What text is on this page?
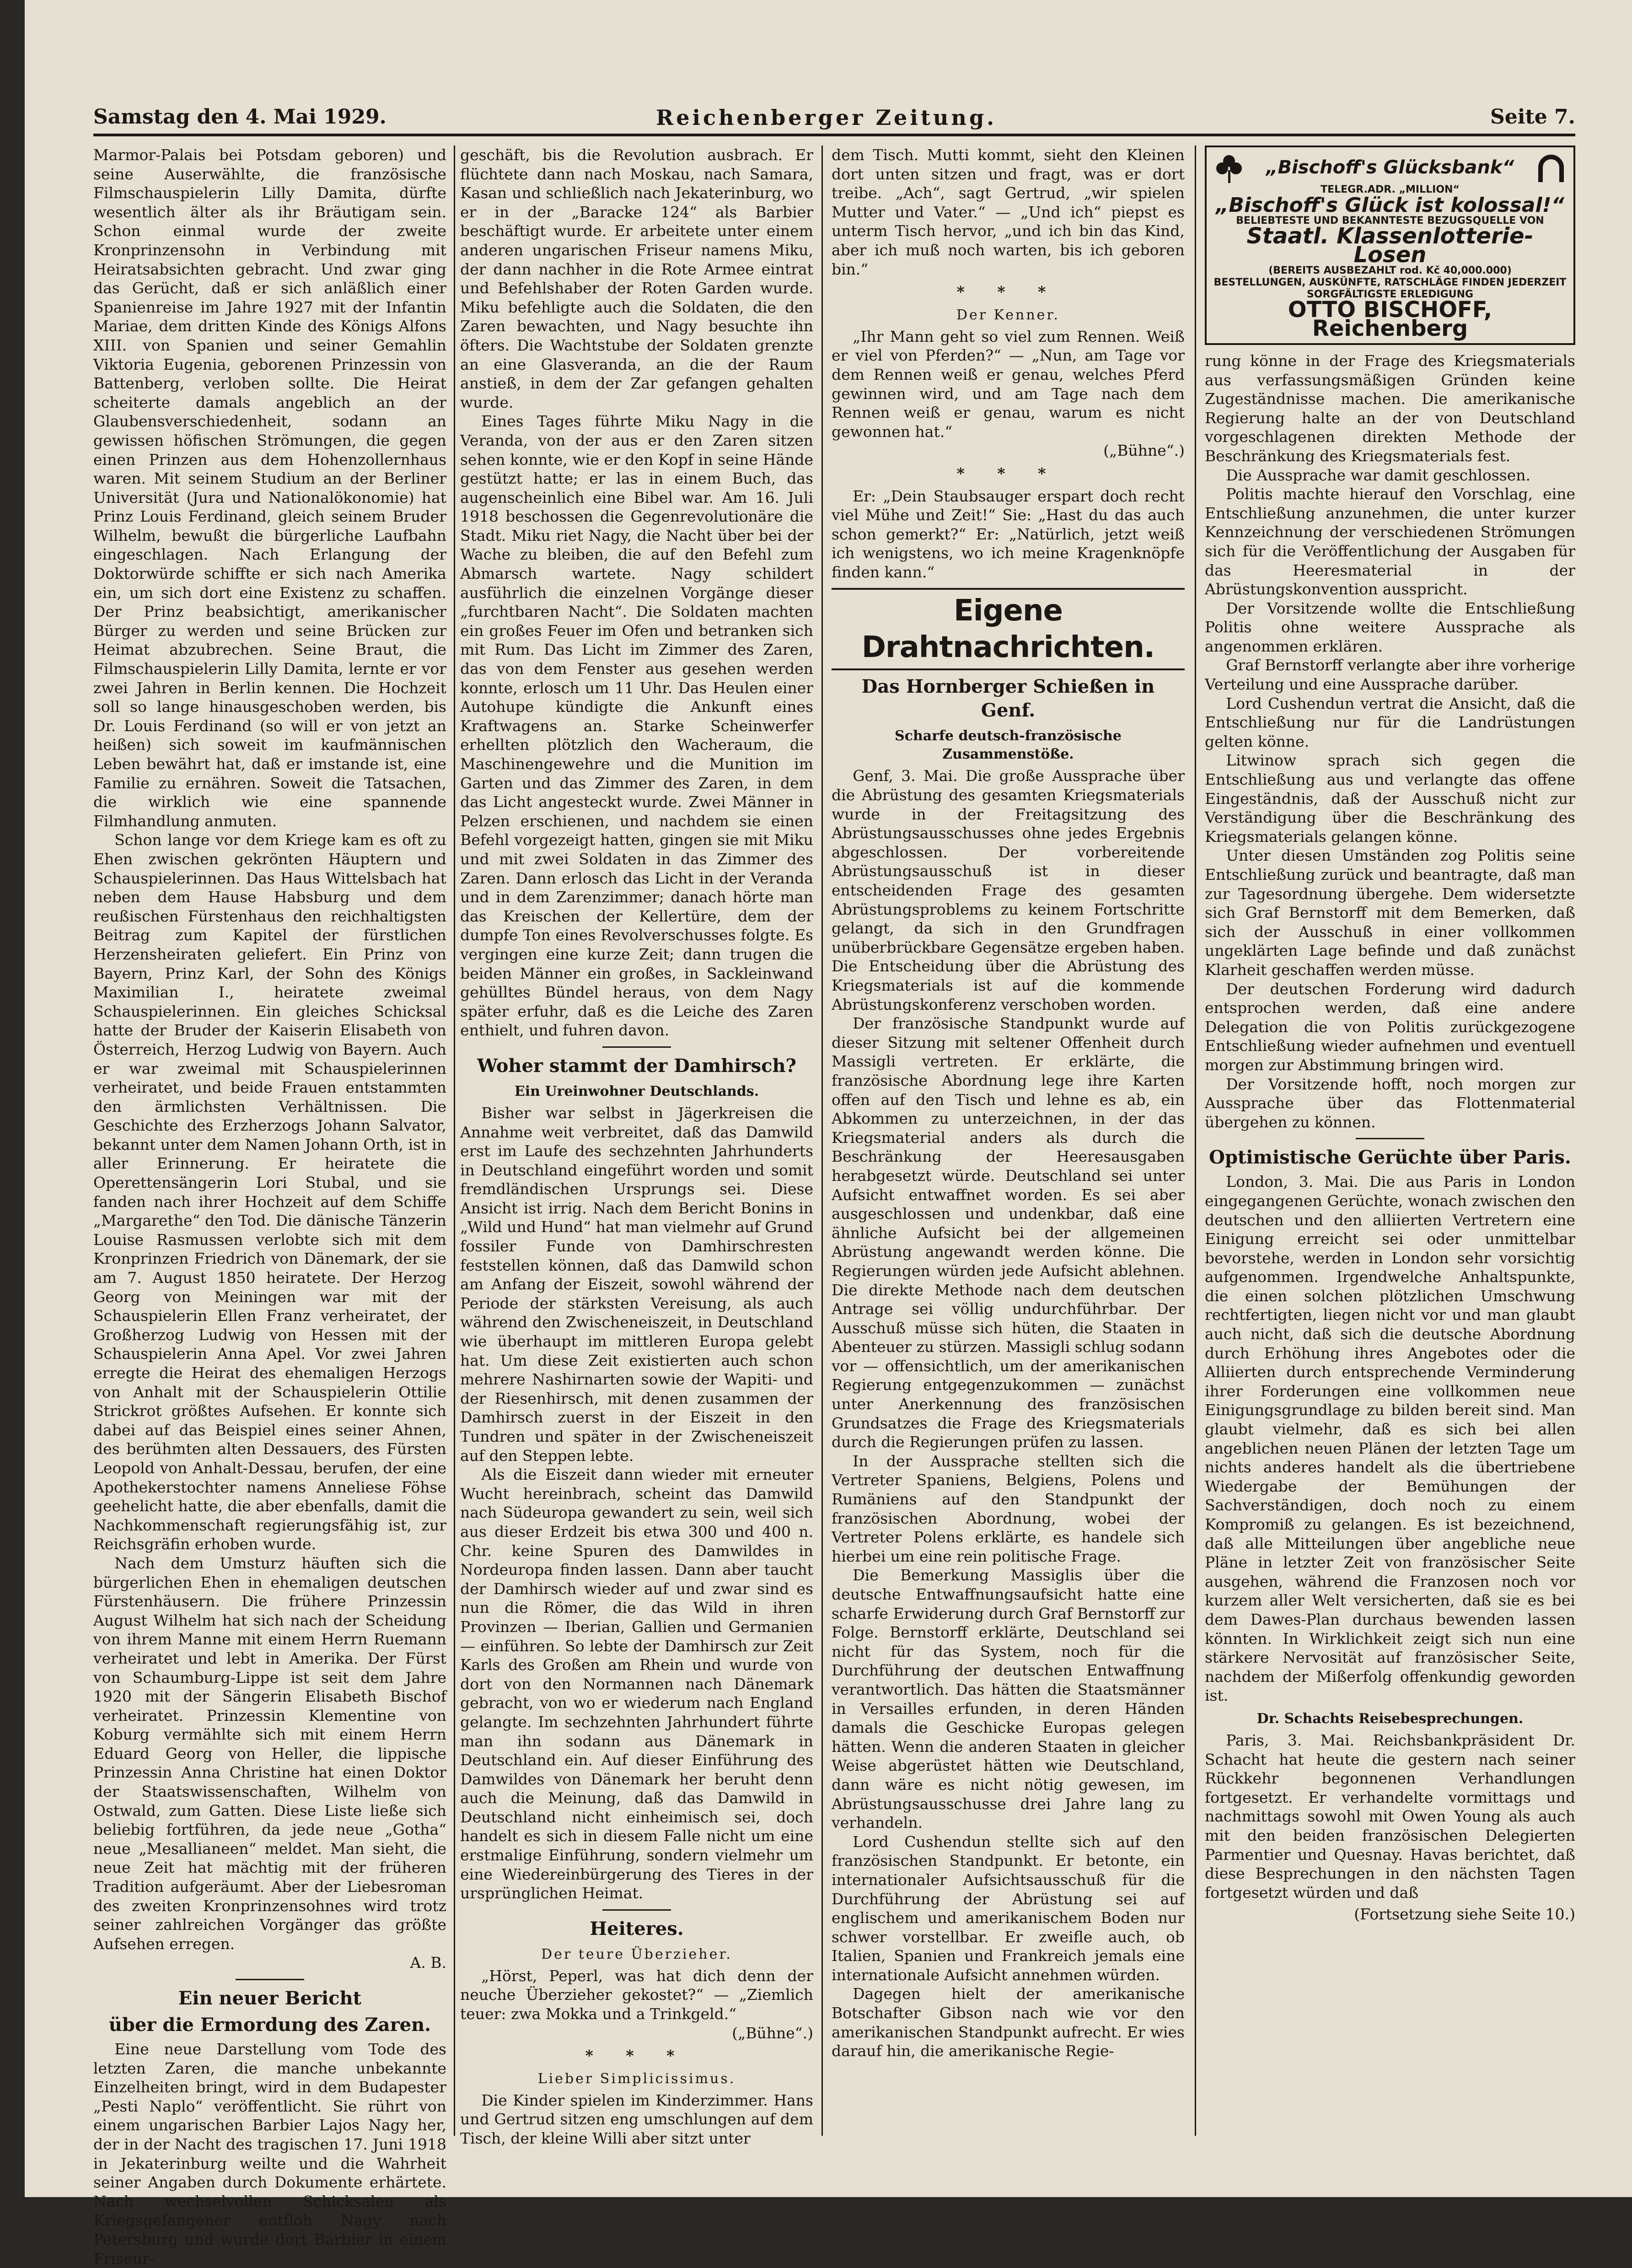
Samstag den 4. Mai 1929.	Reichenberger Zeitung.	Seite 7.

Marmor-Palais bei Potsdam geboren) und seine Auserwählte, die französische Filmschauspielerin Lilly Damita, dürfte wesentlich älter als ihr Bräutigam sein. Schon einmal wurde der zweite Kronprinzensohn in Verbindung mit Heiratsabsichten gebracht. Und zwar ging das Gerücht, daß er sich anläßlich einer Spanienreise im Jahre 1927 mit der Infantin Mariae, dem dritten Kinde des Königs Alfons XIII. von Spanien und seiner Gemahlin Viktoria Eugenia, geborenen Prinzessin von Battenberg, verloben sollte. Die Heirat scheiterte damals angeblich an der Glaubensverschiedenheit, sodann an gewissen höfischen Strömungen, die gegen einen Prinzen aus dem Hohenzollernhaus waren. Mit seinem Studium an der Berliner Universität (Jura und Nationalökonomie) hat Prinz Louis Ferdinand, gleich seinem Bruder Wilhelm, bewußt die bürgerliche Laufbahn eingeschlagen. Nach Erlangung der Doktorwürde schiffte er sich nach Amerika ein, um sich dort eine Existenz zu schaffen. Der Prinz beabsichtigt, amerikanischer Bürger zu werden und seine Brücken zur Heimat abzubrechen. Seine Braut, die Filmschauspielerin Lilly Damita, lernte er vor zwei Jahren in Berlin kennen. Die Hochzeit soll so lange hinausgeschoben werden, bis Dr. Louis Ferdinand (so will er von jetzt an heißen) sich soweit im kaufmännischen Leben bewährt hat, daß er imstande ist, eine Familie zu ernähren. Soweit die Tatsachen, die wirklich wie eine spannende Filmhandlung anmuten.

Schon lange vor dem Kriege kam es oft zu Ehen zwischen gekrönten Häuptern und Schauspielerinnen. Das Haus Wittelsbach hat neben dem Hause Habsburg und dem reußischen Fürstenhaus den reichhaltigsten Beitrag zum Kapitel der fürstlichen Herzensheiraten geliefert. Ein Prinz von Bayern, Prinz Karl, der Sohn des Königs Maximilian I., heiratete zweimal Schauspielerinnen. Ein gleiches Schicksal hatte der Bruder der Kaiserin Elisabeth von Österreich, Herzog Ludwig von Bayern. Auch er war zweimal mit Schauspielerinnen verheiratet, und beide Frauen entstammten den ärmlichsten Verhältnissen. Die Geschichte des Erzherzogs Johann Salvator, bekannt unter dem Namen Johann Orth, ist in aller Erinnerung. Er heiratete die Operettensängerin Lori Stubal, und sie fanden nach ihrer Hochzeit auf dem Schiffe „Margarethe“ den Tod. Die dänische Tänzerin Louise Rasmussen verlobte sich mit dem Kronprinzen Friedrich von Dänemark, der sie am 7. August 1850 heiratete. Der Herzog Georg von Meiningen war mit der Schauspielerin Ellen Franz verheiratet, der Großherzog Ludwig von Hessen mit der Schauspielerin Anna Apel. Vor zwei Jahren erregte die Heirat des ehemaligen Herzogs von Anhalt mit der Schauspielerin Ottilie Strickrot größtes Aufsehen. Er konnte sich dabei auf das Beispiel eines seiner Ahnen, des berühmten alten Dessauers, des Fürsten Leopold von Anhalt-Dessau, berufen, der eine Apothekerstochter namens Anneliese Föhse geehelicht hatte, die aber ebenfalls, damit die Nachkommenschaft regierungsfähig ist, zur Reichsgräfin erhoben wurde.

Nach dem Umsturz häuften sich die bürgerlichen Ehen in ehemaligen deutschen Fürstenhäusern. Die frühere Prinzessin August Wilhelm hat sich nach der Scheidung von ihrem Manne mit einem Herrn Ruemann verheiratet und lebt in Amerika. Der Fürst von Schaumburg-Lippe ist seit dem Jahre 1920 mit der Sängerin Elisabeth Bischof verheiratet. Prinzessin Klementine von Koburg vermählte sich mit einem Herrn Eduard Georg von Heller, die lippische Prinzessin Anna Christine hat einen Doktor der Staatswissenschaften, Wilhelm von Ostwald, zum Gatten. Diese Liste ließe sich beliebig fortführen, da jede neue „Gotha“ neue „Mesallianeen“ meldet. Man sieht, die neue Zeit hat mächtig mit der früheren Tradition aufgeräumt. Aber der Liebesroman des zweiten Kronprinzensohnes wird trotz seiner zahlreichen Vorgänger das größte Aufsehen erregen.

A. B.

Ein neuer Bericht
über die Ermordung des Zaren.

Eine neue Darstellung vom Tode des letzten Zaren, die manche unbekannte Einzelheiten bringt, wird in dem Budapester „Pesti Naplo“ veröffentlicht. Sie rührt von einem ungarischen Barbier Lajos Nagy her, der in der Nacht des tragischen 17. Juni 1918 in Jekaterinburg weilte und die Wahrheit seiner Angaben durch Dokumente erhärtete. Nach wechselvollen Schicksalen als Kriegsgefangener entfloh Nagy nach Petersburg und wurde dort Barbier in einem Friseur-

geschäft, bis die Revolution ausbrach. Er flüchtete dann nach Moskau, nach Samara, Kasan und schließlich nach Jekaterinburg, wo er in der „Baracke 124“ als Barbier beschäftigt wurde. Er arbeitete unter einem anderen ungarischen Friseur namens Miku, der dann nachher in die Rote Armee eintrat und Befehlshaber der Roten Garden wurde. Miku befehligte auch die Soldaten, die den Zaren bewachten, und Nagy besuchte ihn öfters. Die Wachtstube der Soldaten grenzte an eine Glasveranda, an die der Raum anstieß, in dem der Zar gefangen gehalten wurde.

Eines Tages führte Miku Nagy in die Veranda, von der aus er den Zaren sitzen sehen konnte, wie er den Kopf in seine Hände gestützt hatte; er las in einem Buch, das augenscheinlich eine Bibel war. Am 16. Juli 1918 beschossen die Gegenrevolutionäre die Stadt. Miku riet Nagy, die Nacht über bei der Wache zu bleiben, die auf den Befehl zum Abmarsch wartete. Nagy schildert ausführlich die einzelnen Vorgänge dieser „furchtbaren Nacht“. Die Soldaten machten ein großes Feuer im Ofen und betranken sich mit Rum. Das Licht im Zimmer des Zaren, das von dem Fenster aus gesehen werden konnte, erlosch um 11 Uhr. Das Heulen einer Autohupe kündigte die Ankunft eines Kraftwagens an. Starke Scheinwerfer erhellten plötzlich den Wacheraum, die Maschinengewehre und die Munition im Garten und das Zimmer des Zaren, in dem das Licht angesteckt wurde. Zwei Männer in Pelzen erschienen, und nachdem sie einen Befehl vorgezeigt hatten, gingen sie mit Miku und mit zwei Soldaten in das Zimmer des Zaren. Dann erlosch das Licht in der Veranda und in dem Zarenzimmer; danach hörte man das Kreischen der Kellertüre, dem der dumpfe Ton eines Revolverschusses folgte. Es vergingen eine kurze Zeit; dann trugen die beiden Männer ein großes, in Sackleinwand gehülltes Bündel heraus, von dem Nagy später erfuhr, daß es die Leiche des Zaren enthielt, und fuhren davon.

Woher stammt der Damhirsch?
Ein Ureinwohner Deutschlands.

Bisher war selbst in Jägerkreisen die Annahme weit verbreitet, daß das Damwild erst im Laufe des sechzehnten Jahrhunderts in Deutschland eingeführt worden und somit fremdländischen Ursprungs sei. Diese Ansicht ist irrig. Nach dem Bericht Bonins in „Wild und Hund“ hat man vielmehr auf Grund fossiler Funde von Damhirschresten feststellen können, daß das Damwild schon am Anfang der Eiszeit, sowohl während der Periode der stärksten Vereisung, als auch während den Zwischeneiszeit, in Deutschland wie überhaupt im mittleren Europa gelebt hat. Um diese Zeit existierten auch schon mehrere Nashirnarten sowie der Wapiti- und der Riesenhirsch, mit denen zusammen der Damhirsch zuerst in der Eiszeit in den Tundren und später in der Zwischeneiszeit auf den Steppen lebte.

Als die Eiszeit dann wieder mit erneuter Wucht hereinbrach, scheint das Damwild nach Südeuropa gewandert zu sein, weil sich aus dieser Erdzeit bis etwa 300 und 400 n. Chr. keine Spuren des Damwildes in Nordeuropa finden lassen. Dann aber taucht der Damhirsch wieder auf und zwar sind es nun die Römer, die das Wild in ihren Provinzen — Iberian, Gallien und Germanien — einführen. So lebte der Damhirsch zur Zeit Karls des Großen am Rhein und wurde von dort von den Normannen nach Dänemark gebracht, von wo er wiederum nach England gelangte. Im sechzehnten Jahrhundert führte man ihn sodann aus Dänemark in Deutschland ein. Auf dieser Einführung des Damwildes von Dänemark her beruht denn auch die Meinung, daß das Damwild in Deutschland nicht einheimisch sei, doch handelt es sich in diesem Falle nicht um eine erstmalige Einführung, sondern vielmehr um eine Wiedereinbürgerung des Tieres in der ursprünglichen Heimat.

Heiteres.
Der teure Überzieher.

„Hörst, Peperl, was hat dich denn der neuche Überzieher gekostet?“ — „Ziemlich teuer: zwa Mokka und a Trinkgeld.“

(„Bühne“.)

* * *
Lieber Simplicissimus.

Die Kinder spielen im Kinderzimmer. Hans und Gertrud sitzen eng umschlungen auf dem Tisch, der kleine Willi aber sitzt unter

dem Tisch. Mutti kommt, sieht den Kleinen dort unten sitzen und fragt, was er dort treibe. „Ach“, sagt Gertrud, „wir spielen Mutter und Vater.“ — „Und ich“ piepst es unterm Tisch hervor, „und ich bin das Kind, aber ich muß noch warten, bis ich geboren bin.“

* * *
Der Kenner.

„Ihr Mann geht so viel zum Rennen. Weiß er viel von Pferden?“ — „Nun, am Tage vor dem Rennen weiß er genau, welches Pferd gewinnen wird, und am Tage nach dem Rennen weiß er genau, warum es nicht gewonnen hat.“

(„Bühne“.)

* * *

Er: „Dein Staubsauger erspart doch recht viel Mühe und Zeit!“ Sie: „Hast du das auch schon gemerkt?“ Er: „Natürlich, jetzt weiß ich wenigstens, wo ich meine Kragenknöpfe finden kann.“

Eigene Drahtnachrichten.
Das Hornberger Schießen in Genf.
Scharfe deutsch-französische Zusammenstöße.

Genf, 3. Mai. Die große Aussprache über die Abrüstung des gesamten Kriegsmaterials wurde in der Freitagsitzung des Abrüstungsausschusses ohne jedes Ergebnis abgeschlossen. Der vorbereitende Abrüstungsausschuß ist in dieser entscheidenden Frage des gesamten Abrüstungsproblems zu keinem Fortschritte gelangt, da sich in den Grundfragen unüberbrückbare Gegensätze ergeben haben. Die Entscheidung über die Abrüstung des Kriegsmaterials ist auf die kommende Abrüstungskonferenz verschoben worden.

Der französische Standpunkt wurde auf dieser Sitzung mit seltener Offenheit durch Massigli vertreten. Er erklärte, die französische Abordnung lege ihre Karten offen auf den Tisch und lehne es ab, ein Abkommen zu unterzeichnen, in der das Kriegsmaterial anders als durch die Beschränkung der Heeresausgaben herabgesetzt würde. Deutschland sei unter Aufsicht entwaffnet worden. Es sei aber ausgeschlossen und undenkbar, daß eine ähnliche Aufsicht bei der allgemeinen Abrüstung angewandt werden könne. Die Regierungen würden jede Aufsicht ablehnen. Die direkte Methode nach dem deutschen Antrage sei völlig undurchführbar. Der Ausschuß müsse sich hüten, die Staaten in Abenteuer zu stürzen. Massigli schlug sodann vor — offensichtlich, um der amerikanischen Regierung entgegenzukommen — zunächst unter Anerkennung des französischen Grundsatzes die Frage des Kriegsmaterials durch die Regierungen prüfen zu lassen.

In der Aussprache stellten sich die Vertreter Spaniens, Belgiens, Polens und Rumäniens auf den Standpunkt der französischen Abordnung, wobei der Vertreter Polens erklärte, es handele sich hierbei um eine rein politische Frage.

Die Bemerkung Massiglis über die deutsche Entwaffnungsaufsicht hatte eine scharfe Erwiderung durch Graf Bernstorff zur Folge. Bernstorff erklärte, Deutschland sei nicht für das System, noch für die Durchführung der deutschen Entwaffnung verantwortlich. Das hätten die Staatsmänner in Versailles erfunden, in deren Händen damals die Geschicke Europas gelegen hätten. Wenn die anderen Staaten in gleicher Weise abgerüstet hätten wie Deutschland, dann wäre es nicht nötig gewesen, im Abrüstungsausschusse drei Jahre lang zu verhandeln.

Lord Cushendun stellte sich auf den französischen Standpunkt. Er betonte, ein internationaler Aufsichtsausschuß für die Durchführung der Abrüstung sei auf englischem und amerikanischem Boden nur schwer vorstellbar. Er zweifle auch, ob Italien, Spanien und Frankreich jemals eine internationale Aufsicht annehmen würden.

Dagegen hielt der amerikanische Botschafter Gibson nach wie vor den amerikanischen Standpunkt aufrecht. Er wies darauf hin, die amerikanische Regie-

„Bischoff's Glücksbank“
TELEGR.ADR. „MILLION“
„Bischoff's Glück ist kolossal!“
BELIEBTESTE UND BEKANNTESTE BEZUGSQUELLE VON
Staatl. Klassenlotterie-Losen
(BEREITS AUSBEZAHLT rod. Kč 40,000.000)
BESTELLUNGEN, AUSKÜNFTE, RATSCHLÄGE FINDEN JEDERZEIT SORGFÄLTIGSTE ERLEDIGUNG
OTTO BISCHOFF, Reichenberg

rung könne in der Frage des Kriegsmaterials aus verfassungsmäßigen Gründen keine Zugeständnisse machen. Die amerikanische Regierung halte an der von Deutschland vorgeschlagenen direkten Methode der Beschränkung des Kriegsmaterials fest.

Die Aussprache war damit geschlossen.

Politis machte hierauf den Vorschlag, eine Entschließung anzunehmen, die unter kurzer Kennzeichnung der verschiedenen Strömungen sich für die Veröffentlichung der Ausgaben für das Heeresmaterial in der Abrüstungskonvention ausspricht.

Der Vorsitzende wollte die Entschließung Politis ohne weitere Aussprache als angenommen erklären.

Graf Bernstorff verlangte aber ihre vorherige Verteilung und eine Aussprache darüber.

Lord Cushendun vertrat die Ansicht, daß die Entschließung nur für die Landrüstungen gelten könne.

Litwinow sprach sich gegen die Entschließung aus und verlangte das offene Eingeständnis, daß der Ausschuß nicht zur Verständigung über die Beschränkung des Kriegsmaterials gelangen könne.

Unter diesen Umständen zog Politis seine Entschließung zurück und beantragte, daß man zur Tagesordnung übergehe. Dem widersetzte sich Graf Bernstorff mit dem Bemerken, daß sich der Ausschuß in einer vollkommen ungeklärten Lage befinde und daß zunächst Klarheit geschaffen werden müsse.

Der deutschen Forderung wird dadurch entsprochen werden, daß eine andere Delegation die von Politis zurückgezogene Entschließung wieder aufnehmen und eventuell morgen zur Abstimmung bringen wird.

Der Vorsitzende hofft, noch morgen zur Aussprache über das Flottenmaterial übergehen zu können.

Optimistische Gerüchte über Paris.

London, 3. Mai. Die aus Paris in London eingegangenen Gerüchte, wonach zwischen den deutschen und den alliierten Vertretern eine Einigung erreicht sei oder unmittelbar bevorstehe, werden in London sehr vorsichtig aufgenommen. Irgendwelche Anhaltspunkte, die einen solchen plötzlichen Umschwung rechtfertigten, liegen nicht vor und man glaubt auch nicht, daß sich die deutsche Abordnung durch Erhöhung ihres Angebotes oder die Alliierten durch entsprechende Verminderung ihrer Forderungen eine vollkommen neue Einigungsgrundlage zu bilden bereit sind. Man glaubt vielmehr, daß es sich bei allen angeblichen neuen Plänen der letzten Tage um nichts anderes handelt als die übertriebene Wiedergabe der Bemühungen der Sachverständigen, doch noch zu einem Kompromiß zu gelangen. Es ist bezeichnend, daß alle Mitteilungen über angebliche neue Pläne in letzter Zeit von französischer Seite ausgehen, während die Franzosen noch vor kurzem aller Welt versicherten, daß sie es bei dem Dawes-Plan durchaus bewenden lassen könnten. In Wirklichkeit zeigt sich nun eine stärkere Nervosität auf französischer Seite, nachdem der Mißerfolg offenkundig geworden ist.

Dr. Schachts Reisebesprechungen.

Paris, 3. Mai. Reichsbankpräsident Dr. Schacht hat heute die gestern nach seiner Rückkehr begonnenen Verhandlungen fortgesetzt. Er verhandelte vormittags und nachmittags sowohl mit Owen Young als auch mit den beiden französischen Delegierten Parmentier und Quesnay. Havas berichtet, daß diese Besprechungen in den nächsten Tagen fortgesetzt würden und daß

(Fortsetzung siehe Seite 10.)
